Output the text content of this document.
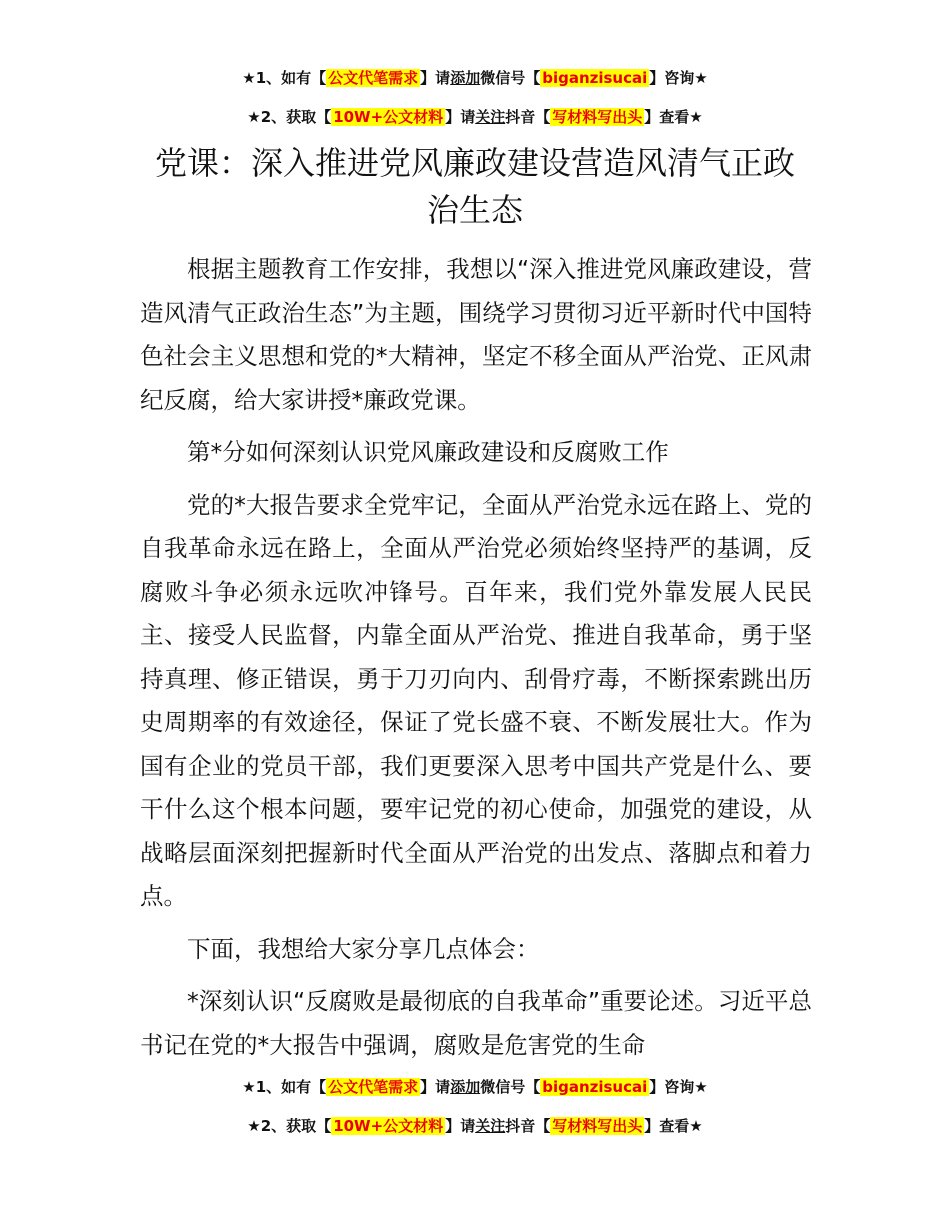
★1、如有【 公文代笔需求 】请添加微信号【 biganzisucai 】咨询★
★2、获取【 10W+公文材料 】请关注抖音【 写材料写出头 】查看★
党课：深入推进党风廉政建设营造风清气正政治生态

根据主题教育工作安排，我想以“深入推进党风廉政建设，营造风清气正政治生态”为主题，围绕学习贯彻习近平新时代中国特色社会主义思想和党的*大精神，坚定不移全面从严治党、正风肃纪反腐，给大家讲授*廉政党课。

第*分如何深刻认识党风廉政建设和反腐败工作

党的*大报告要求全党牢记，全面从严治党永远在路上、党的自我革命永远在路上，全面从严治党必须始终坚持严的基调，反腐败斗争必须永远吹冲锋号。百年来，我们党外靠发展人民民主、接受人民监督，内靠全面从严治党、推进自我革命，勇于坚持真理、修正错误，勇于刀刃向内、刮骨疗毒，不断探索跳出历史周期率的有效途径，保证了党长盛不衰、不断发展壮大。作为国有企业的党员干部，我们更要深入思考中国共产党是什么、要干什么这个根本问题，要牢记党的初心使命，加强党的建设，从战略层面深刻把握新时代全面从严治党的出发点、落脚点和着力点。

下面，我想给大家分享几点体会：

*深刻认识“反腐败是最彻底的自我革命”重要论述。习近平总书记在党的*大报告中强调，腐败是危害党的生命

★1、如有【 公文代笔需求 】请添加微信号【 biganzisucai 】咨询★
★2、获取【 10W+公文材料 】请关注抖音【 写材料写出头 】查看★
